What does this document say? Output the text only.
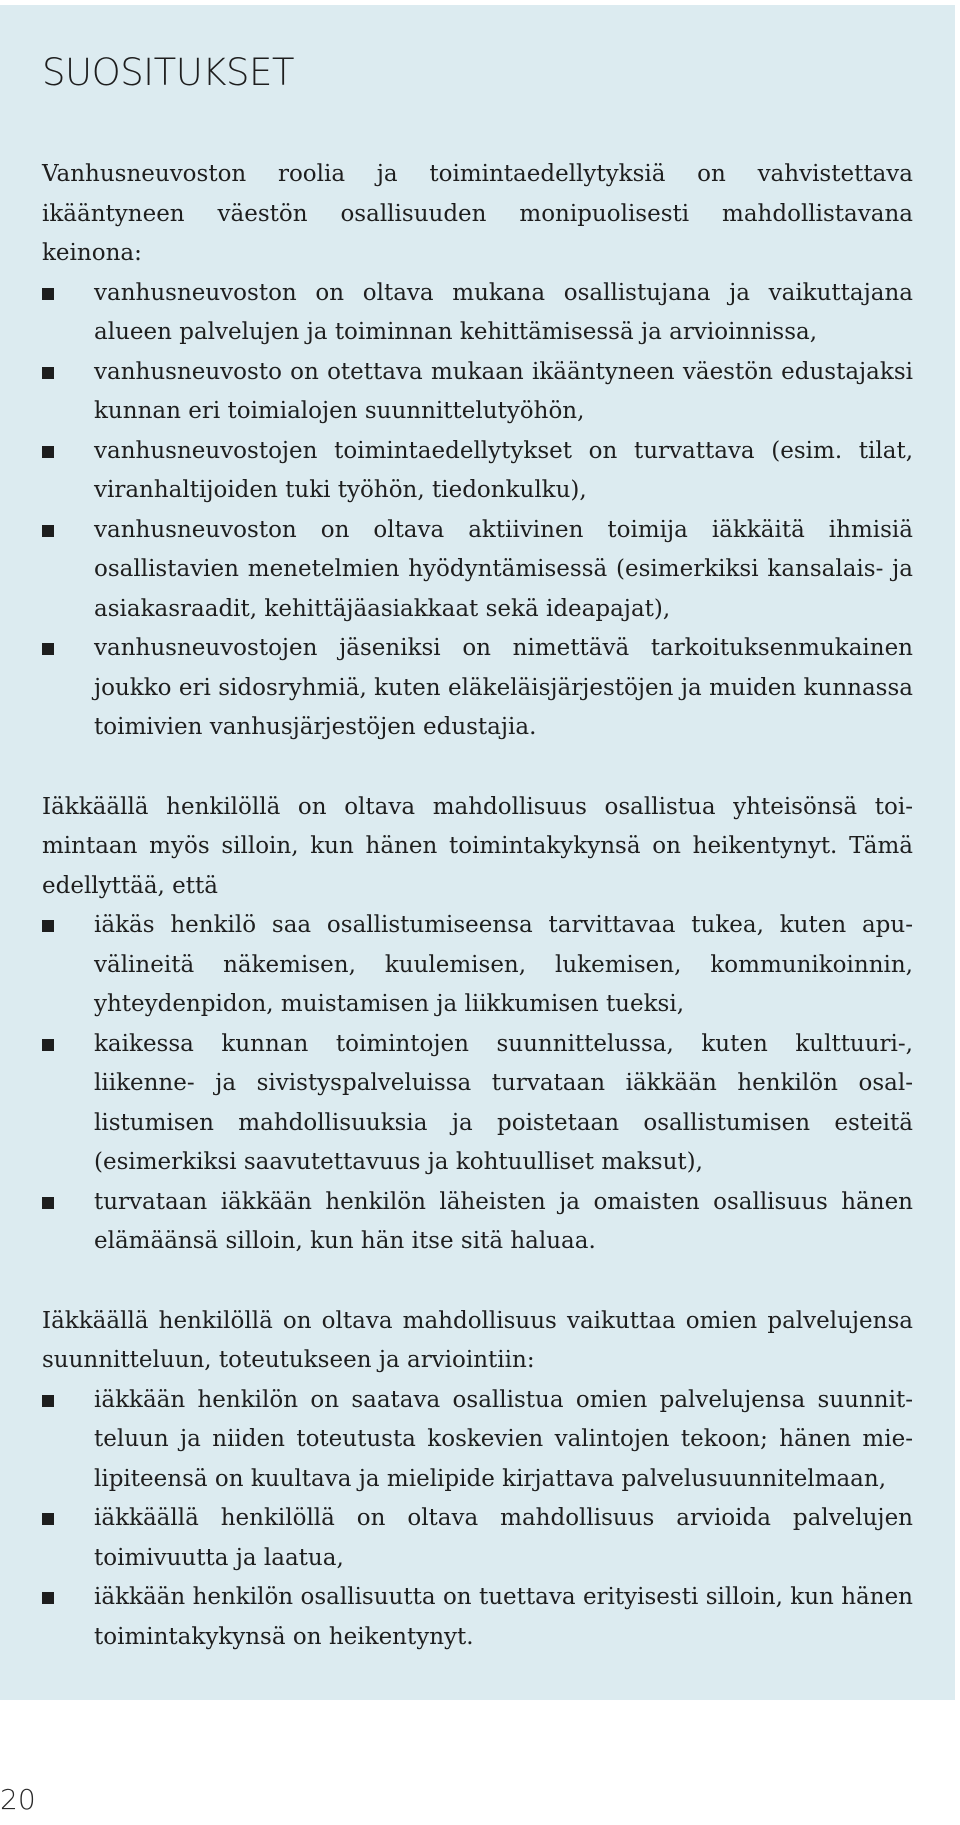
SUOSITUKSET

Vanhusneuvoston roolia ja toimintaedellytyksiä on vahvistettava ikääntyneen väestön osallisuuden monipuolisesti mahdollistavana keinona:

vanhusneuvoston on oltava mukana osallistujana ja vaikuttajana alueen palvelujen ja toiminnan kehittämisessä ja arvioinnissa,
vanhusneuvosto on otettava mukaan ikääntyneen väestön edustajaksi kunnan eri toimialojen suunnittelutyöhön,
vanhusneuvostojen toimintaedellytykset on turvattava (esim. tilat, viranhaltijoiden tuki työhön, tiedonkulku),
vanhusneuvoston on oltava aktiivinen toimija iäkkäitä ihmisiä osallistavien menetelmien hyödyntämisessä (esimerkiksi kansalais- ja asiakasraadit, kehittäjäasiakkaat sekä ideapajat),
vanhusneuvostojen jäseniksi on nimettävä tarkoituksenmukainen joukko eri sidosryhmiä, kuten eläkeläisjärjestöjen ja muiden kunnassa toimivien vanhusjärjestöjen edustajia.

Iäkkäällä henkilöllä on oltava mahdollisuus osallistua yhteisönsä toimintaan myös silloin, kun hänen toimintakykynsä on heikentynyt. Tämä edellyttää, että

iäkäs henkilö saa osallistumiseensa tarvittavaa tukea, kuten apuvälineitä näkemisen, kuulemisen, lukemisen, kommunikoinnin, yhteydenpidon, muistamisen ja liikkumisen tueksi,
kaikessa kunnan toimintojen suunnittelussa, kuten kulttuuri-, liikenne- ja sivistyspalveluissa turvataan iäkkään henkilön osallistumisen mahdollisuuksia ja poistetaan osallistumisen esteitä (esimerkiksi saavutettavuus ja kohtuulliset maksut),
turvataan iäkkään henkilön läheisten ja omaisten osallisuus hänen elämäänsä silloin, kun hän itse sitä haluaa.

Iäkkäällä henkilöllä on oltava mahdollisuus vaikuttaa omien palvelujensa suunnitteluun, toteutukseen ja arviointiin:

iäkkään henkilön on saatava osallistua omien palvelujensa suunnitteluun ja niiden toteutusta koskevien valintojen tekoon; hänen mielipiteensä on kuultava ja mielipide kirjattava palvelusuunnitelmaan,
iäkkäällä henkilöllä on oltava mahdollisuus arvioida palvelujen toimivuutta ja laatua,
iäkkään henkilön osallisuutta on tuettava erityisesti silloin, kun hänen toimintakykynsä on heikentynyt.
20
